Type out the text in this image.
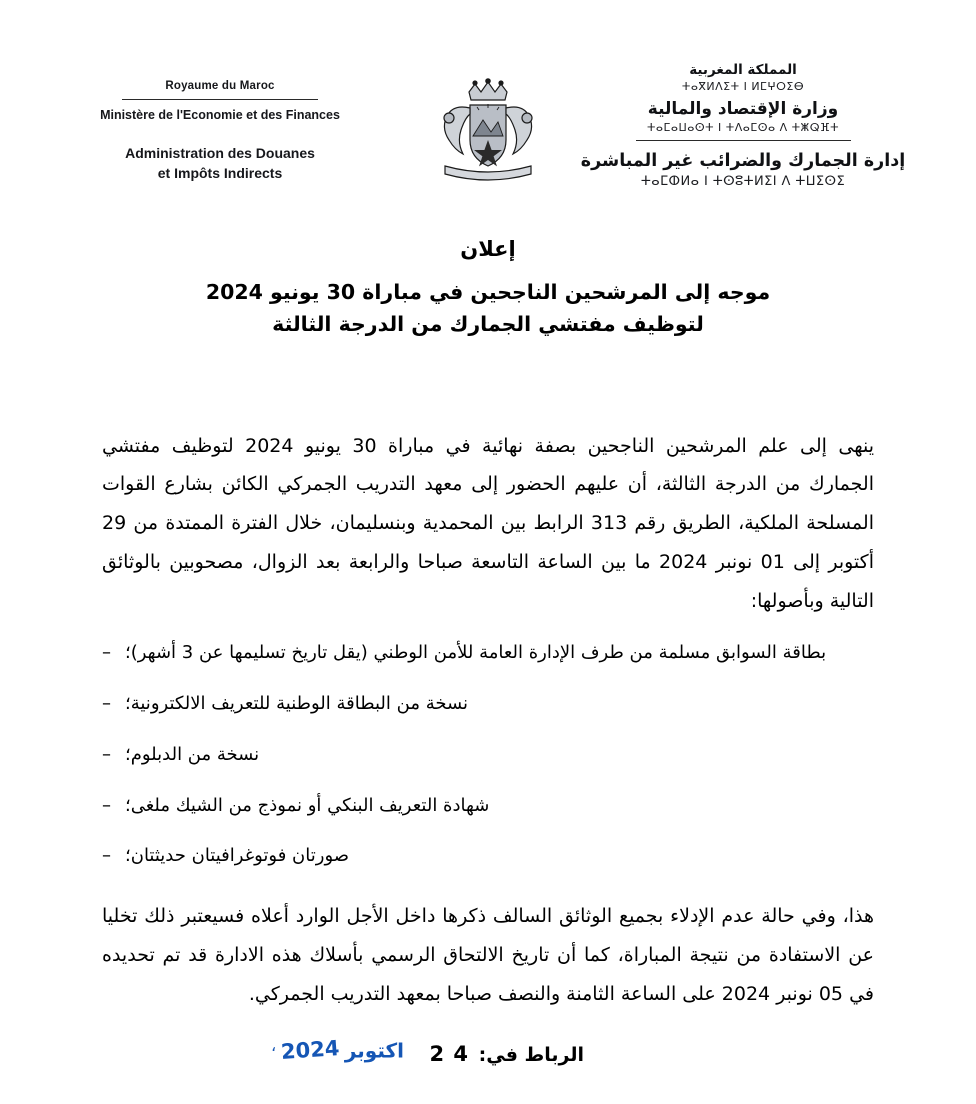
Royaume du Maroc
Ministère de l'Economie et des Finances
Administration des Douanes
et Impôts Indirects
المملكة المغربية
ⵜⴰⴳⵍⴷⵉⵜ ⵏ ⵍⵎⵖⵔⵉⴱ
وزارة الإقتصاد والمالية
ⵜⴰⵎⴰⵡⴰⵙⵜ ⵏ ⵜⴷⴰⵎⵙⴰ ⴷ ⵜⵥⵕⴼⵜ
إدارة الجمارك والضرائب غير المباشرة
ⵜⴰⵎⵀⵍⴰ ⵏ ⵜⵙⵓⵜⵍⵉⵏ ⴷ ⵜⵡⵉⵙⵉ
إعلان
موجه إلى المرشحين الناجحين في مباراة 30 يونيو 2024
لتوظيف مفتشي الجمارك من الدرجة الثالثة
ينهى إلى علم المرشحين الناجحين بصفة نهائية في مباراة 30 يونيو 2024 لتوظيف مفتشي الجمارك من الدرجة الثالثة، أن عليهم الحضور إلى معهد التدريب الجمركي الكائن بشارع القوات المسلحة الملكية، الطريق رقم 313 الرابط بين المحمدية وبنسليمان، خلال الفترة الممتدة من 29 أكتوبر إلى 01 نونبر 2024 ما بين الساعة التاسعة صباحا والرابعة بعد الزوال، مصحوبين بالوثائق التالية وبأصولها:
بطاقة السوابق مسلمة من طرف الإدارة العامة للأمن الوطني (يقل تاريخ تسليمها عن 3 أشهر)؛
–
نسخة من البطاقة الوطنية للتعريف الالكترونية؛
–
نسخة من الدبلوم؛
–
شهادة التعريف البنكي أو نموذج من الشيك ملغى؛
–
صورتان فوتوغرافيتان حديثتان؛
–
هذا، وفي حالة عدم الإدلاء بجميع الوثائق السالف ذكرها داخل الأجل الوارد أعلاه فسيعتبر ذلك تخليا عن الاستفادة من نتيجة المباراة، كما أن تاريخ الالتحاق الرسمي بأسلاك هذه الادارة قد تم تحديده في 05 نونبر 2024 على الساعة الثامنة والنصف صباحا بمعهد التدريب الجمركي.
الرباط في:
2 4
اكتوبر 2024 ،
